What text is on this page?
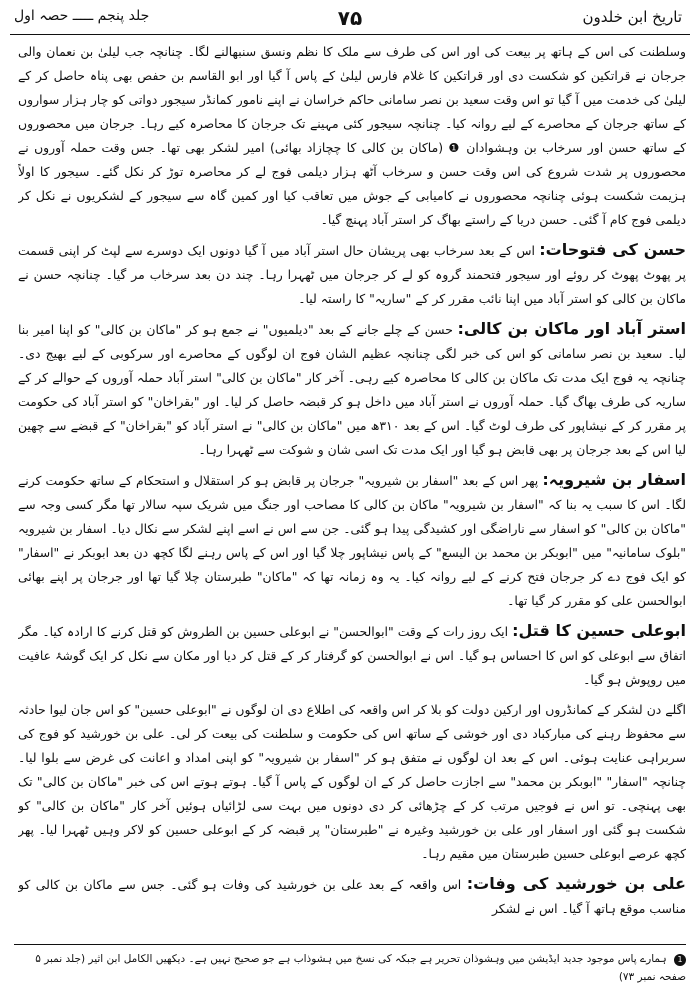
تاریخ ابن خلدون
۷۵
جلد پنجم ـــــ حصہ اول

وسلطنت کی اس کے ہاتھ پر بیعت کی اور اس کی طرف سے ملک کا نظم ونسق سنبھالنے لگا۔ چنانچہ جب لیلیٰ بن نعمان والی جرجان نے قراتکین کو شکست دی اور قراتکین کا غلام فارس لیلیٰ کے پاس آ گیا اور ابو القاسم بن حفص بھی پناہ حاصل کر کے لیلیٰ کی خدمت میں آ گیا تو اس وقت سعید بن نصر سامانی حاکم خراسان نے اپنے نامور کمانڈر سیجور دواتی کو چار ہزار سواروں کے ساتھ جرجان کے محاصرے کے لیے روانہ کیا۔ چنانچہ سیجور کئی مہینے تک جرجان کا محاصرہ کیے رہا۔ جرجان میں محصوروں کے ساتھ حسن اور سرخاب بن وہشوادان ❶ (ماکان بن کالی کا چچازاد بھائی) امیر لشکر بھی تھا۔ جس وقت حملہ آوروں نے محصوروں پر شدت شروع کی اس وقت حسن و سرخاب آٹھ ہزار دیلمی فوج لے کر محاصرہ توڑ کر نکل گئے۔ سیجور کا اولاً ہزیمت شکست ہوئی چنانچہ محصوروں نے کامیابی کے جوش میں تعاقب کیا اور کمین گاہ سے سیجور کے لشکریوں نے نکل کر دیلمی فوج کام آ گئی۔ حسن دریا کے راستے بھاگ کر استر آباد پہنچ گیا۔

حسن کی فتوحات: اس کے بعد سرخاب بھی پریشان حال استر آباد میں آ گیا دونوں ایک دوسرے سے لپٹ کر اپنی قسمت پر پھوٹ پھوٹ کر روئے اور سیجور فتحمند گروہ کو لے کر جرجان میں ٹھہرا رہا۔ چند دن بعد سرخاب مر گیا۔ چنانچہ حسن نے ماکان بن کالی کو استر آباد میں اپنا نائب مقرر کر کے "ساریہ" کا راستہ لیا۔

استر آباد اور ماکان بن کالی: حسن کے چلے جانے کے بعد "دیلمیوں" نے جمع ہو کر "ماکان بن کالی" کو اپنا امیر بنا لیا۔ سعید بن نصر سامانی کو اس کی خبر لگی چنانچہ عظیم الشان فوج ان لوگوں کے محاصرے اور سرکوبی کے لیے بھیج دی۔ چنانچہ یہ فوج ایک مدت تک ماکان بن کالی کا محاصرہ کیے رہی۔ آخر کار "ماکان بن کالی" استر آباد حملہ آوروں کے حوالے کر کے ساریہ کی طرف بھاگ گیا۔ حملہ آوروں نے استر آباد میں داخل ہو کر قبضہ حاصل کر لیا۔ اور "بقراخان" کو استر آباد کی حکومت پر مقرر کر کے نیشاپور کی طرف لوٹ گیا۔ اس کے بعد ۳۱۰ھ میں "ماکان بن کالی" نے استر آباد کو "بقراخان" کے قبضے سے چھین لیا اس کے بعد جرجان پر بھی قابض ہو گیا اور ایک مدت تک اسی شان و شوکت سے ٹھہرا رہا۔

اسفار بن شیرویہ: پھر اس کے بعد "اسفار بن شیرویہ" جرجان پر قابض ہو کر استقلال و استحکام کے ساتھ حکومت کرنے لگا۔ اس کا سبب یہ بنا کہ "اسفار بن شیرویہ" ماکان بن کالی کا مصاحب اور جنگ میں شریک سپہ سالار تھا مگر کسی وجہ سے "ماکان بن کالی" کو اسفار سے ناراضگی اور کشیدگی پیدا ہو گئی۔ جن سے اس نے اسے اپنے لشکر سے نکال دیا۔ اسفار بن شیرویہ "بلوک سامانیہ" میں "ابوبکر بن محمد بن الیسع" کے پاس نیشاپور چلا گیا اور اس کے پاس رہنے لگا کچھ دن بعد ابوبکر نے "اسفار" کو ایک فوج دے کر جرجان فتح کرنے کے لیے روانہ کیا۔ یہ وہ زمانہ تھا کہ "ماکان" طبرستان چلا گیا تھا اور جرجان پر اپنے بھائی ابوالحسن علی کو مقرر کر گیا تھا۔

ابوعلی حسین کا قتل: ایک روز رات کے وقت "ابوالحسن" نے ابوعلی حسین بن الطروش کو قتل کرنے کا ارادہ کیا۔ مگر اتفاق سے ابوعلی کو اس کا احساس ہو گیا۔ اس نے ابوالحسن کو گرفتار کر کے قتل کر دیا اور مکان سے نکل کر ایک گوشۂ عافیت میں روپوش ہو گیا۔

اگلے دن لشکر کے کمانڈروں اور ارکین دولت کو بلا کر اس واقعہ کی اطلاع دی ان لوگوں نے "ابوعلی حسین" کو اس جان لیوا حادثہ سے محفوظ رہنے کی مبارکباد دی اور خوشی کے ساتھ اس کی حکومت و سلطنت کی بیعت کر لی۔ علی بن خورشید کو فوج کی سربراہی عنایت ہوئی۔ اس کے بعد ان لوگوں نے متفق ہو کر "اسفار بن شیرویہ" کو اپنی امداد و اعانت کی غرض سے بلوا لیا۔ چنانچہ "اسفار" "ابوبکر بن محمد" سے اجازت حاصل کر کے ان لوگوں کے پاس آ گیا۔ ہوتے ہوتے اس کی خبر "ماکان بن کالی" تک بھی پہنچی۔ تو اس نے فوجیں مرتب کر کے چڑھائی کر دی دونوں میں بہت سی لڑائیاں ہوئیں آخر کار "ماکان بن کالی" کو شکست ہو گئی اور اسفار اور علی بن خورشید وغیرہ نے "طبرستان" پر قبضہ کر کے ابوعلی حسین کو لاکر وہیں ٹھہرا لیا۔ پھر کچھ عرصے ابوعلی حسین طبرستان میں مقیم رہا۔

علی بن خورشید کی وفات: اس واقعہ کے بعد علی بن خورشید کی وفات ہو گئی۔ جس سے ماکان بن کالی کو مناسب موقع ہاتھ آ گیا۔ اس نے لشکر

1 ہمارے پاس موجود جدید ایڈیشن میں وہشوذان تحریر ہے جبکہ کی نسخ میں ہشوذاب ہے جو صحیح نہیں ہے۔ دیکھیں الکامل ابن اثیر (جلد نمبر ۵ صفحہ نمبر ۷۳)
